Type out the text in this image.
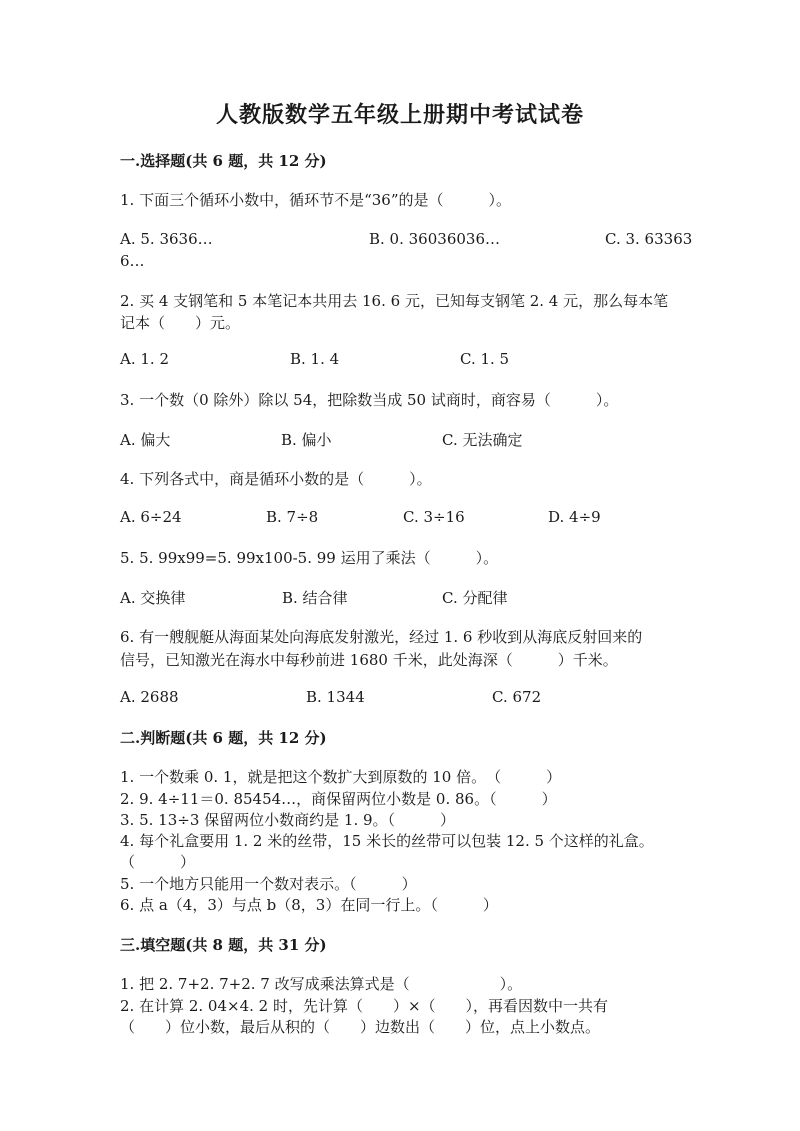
人教版数学五年级上册期中考试试卷
一.选择题(共 6 题，共 12 分)
1. 下面三个循环小数中，循环节不是“36”的是（　　　）。
A. 5. 3636…	B. 0. 36036036…	C. 3. 63363
6…
2. 买 4 支钢笔和 5 本笔记本共用去 16. 6 元，已知每支钢笔 2. 4 元，那么每本笔
记本（　　）元。
A. 1. 2	B. 1. 4	C. 1. 5
3. 一个数（0 除外）除以 54，把除数当成 50 试商时，商容易（　　　）。
A. 偏大	B. 偏小	C. 无法确定
4. 下列各式中，商是循环小数的是（　　　）。
A. 6÷24	B. 7÷8	C. 3÷16	D. 4÷9
5. 5. 99x99=5. 99x100-5. 99 运用了乘法（　　　）。
A. 交换律	B. 结合律	C. 分配律
6. 有一艘舰艇从海面某处向海底发射激光，经过 1. 6 秒收到从海底反射回来的
信号，已知激光在海水中每秒前进 1680 千米，此处海深（　　　）千米。
A. 2688	B. 1344	C. 672
二.判断题(共 6 题，共 12 分)
1. 一个数乘 0. 1，就是把这个数扩大到原数的 10 倍。　（　　　）
2. 9. 4÷11＝0. 85454…，商保留两位小数是 0. 86。（　　　）
3. 5. 13÷3 保留两位小数商约是 1. 9。（　　　）
4. 每个礼盒要用 1. 2 米的丝带，15 米长的丝带可以包装 12. 5 个这样的礼盒。
（　　　）
5. 一个地方只能用一个数对表示。（　　　）
6. 点 a（4，3）与点 b（8，3）在同一行上。（　　　）
三.填空题(共 8 题，共 31 分)
1. 把 2. 7+2. 7+2. 7 改写成乘法算式是（　　　　　　）。
2. 在计算 2. 04×4. 2 时，先计算（　　）×（　　），再看因数中一共有
（　　）位小数，最后从积的（　　）边数出（　　）位，点上小数点。
